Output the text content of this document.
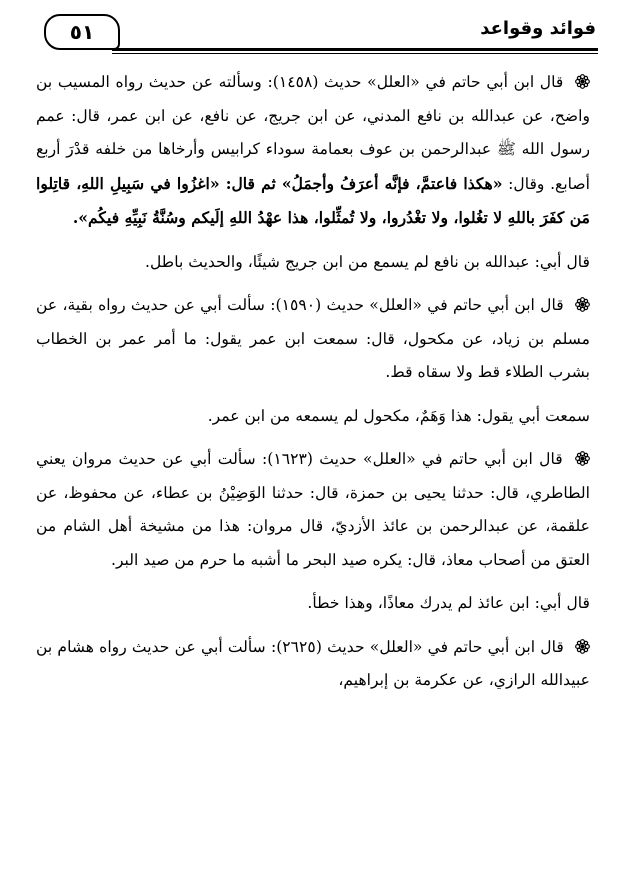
٥١	فوائد وقواعد

قال ابن أبي حاتم في «العلل» حديث (١٤٥٨): وسألته عن حديث رواه المسيب بن واضح، عن عبدالله بن نافع المدني، عن ابن جريج، عن نافع، عن ابن عمر، قال: عمم رسول الله ﷺ عبدالرحمن بن عوف بعمامة سوداء كرابيس وأرخاها من خلفه قدْرَ أربع أصابع. وقال: «هكذا فاعتمَّ، فإنَّه أعرَفُ وأجمَلُ» ثم قال: «اغزُوا في سَبِيلِ اللهِ، قاتِلوا مَن كفَرَ باللهِ لا تغُلوا، ولا تغْدُروا، ولا تُمثِّلوا، هذا عهْدُ اللهِ إلَيكم وسُنَّةُ نَبِيِّهِ فيكُم».

قال أبي: عبدالله بن نافع لم يسمع من ابن جريج شيئًا، والحديث باطل.

قال ابن أبي حاتم في «العلل» حديث (١٥٩٠): سألت أبي عن حديث رواه بقية، عن مسلم بن زياد، عن مكحول، قال: سمعت ابن عمر يقول: ما أمر عمر بن الخطاب بشرب الطلاء قط ولا سقاه قط.

سمعت أبي يقول: هذا وَهَمٌ، مكحول لم يسمعه من ابن عمر.

قال ابن أبي حاتم في «العلل» حديث (١٦٢٣): سألت أبي عن حديث مروان يعني الطاطري، قال: حدثنا يحيى بن حمزة، قال: حدثنا الوَضِيْنُ بن عطاء، عن محفوظ، عن علقمة، عن عبدالرحمن بن عائذ الأزديّ، قال مروان: هذا من مشيخة أهل الشام من العتق من أصحاب معاذ، قال: يكره صيد البحر ما أشبه ما حرم من صيد البر.

قال أبي: ابن عائذ لم يدرك معاذًا، وهذا خطأ.

قال ابن أبي حاتم في «العلل» حديث (٢٦٢٥): سألت أبي عن حديث رواه هشام بن عبيدالله الرازي، عن عكرمة بن إبراهيم،
